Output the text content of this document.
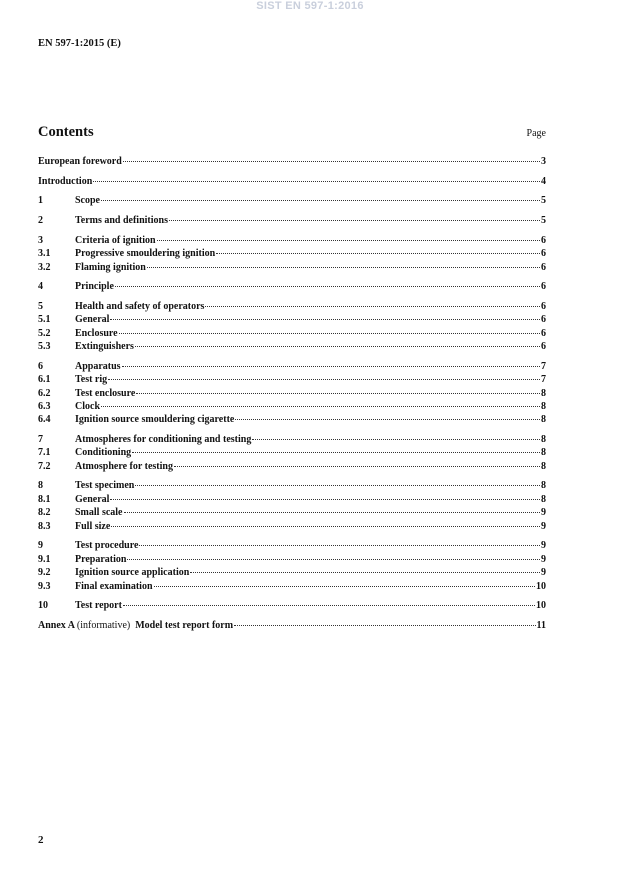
SIST EN 597-1:2016
EN 597-1:2015 (E)
Contents	Page
European foreword	3
Introduction	4
1	Scope	5
2	Terms and definitions	5
3	Criteria of ignition	6
3.1	Progressive smouldering ignition	6
3.2	Flaming ignition	6
4	Principle	6
5	Health and safety of operators	6
5.1	General	6
5.2	Enclosure	6
5.3	Extinguishers	6
6	Apparatus	7
6.1	Test rig	7
6.2	Test enclosure	8
6.3	Clock	8
6.4	Ignition source smouldering cigarette	8
7	Atmospheres for conditioning and testing	8
7.1	Conditioning	8
7.2	Atmosphere for testing	8
8	Test specimen	8
8.1	General	8
8.2	Small scale	9
8.3	Full size	9
9	Test procedure	9
9.1	Preparation	9
9.2	Ignition source application	9
9.3	Final examination	10
10	Test report	10
Annex A (informative) Model test report form	11
2
